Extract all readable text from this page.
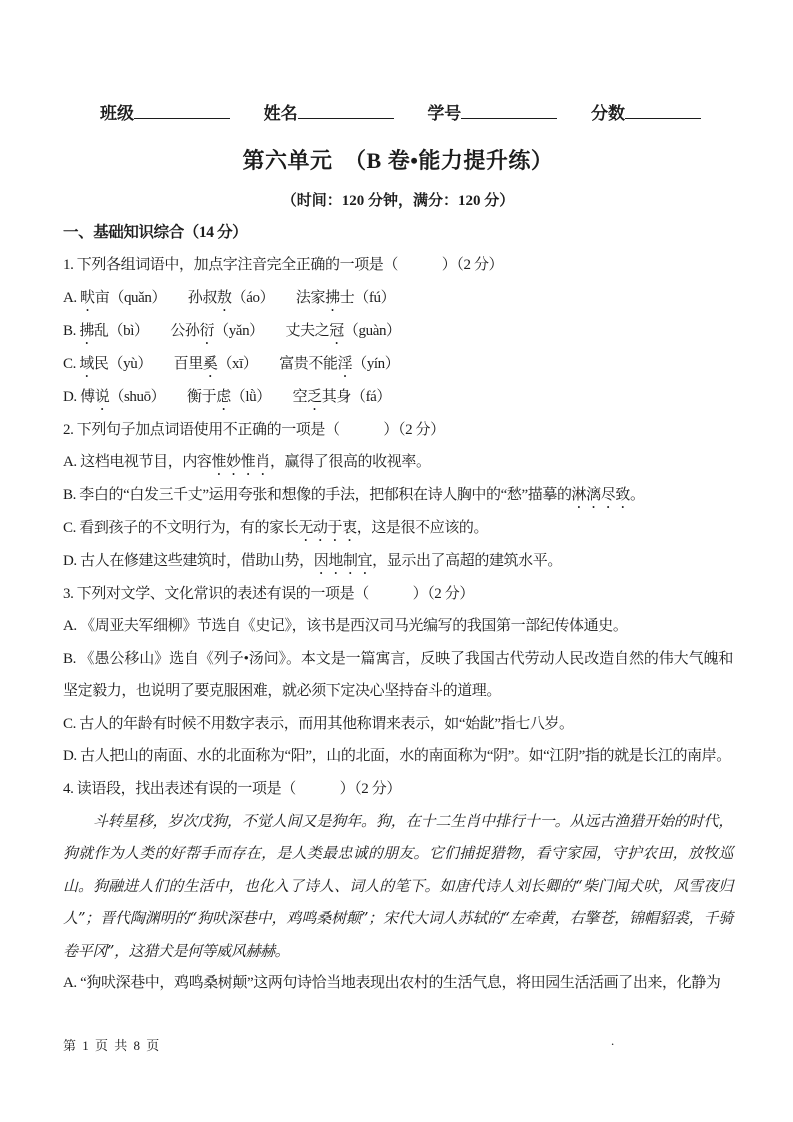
班级	姓名	学号	分数
第六单元　（B 卷•能力提升练）
（时间：120 分钟，满分：120 分）

一、基础知识综合（14 分）

1. 下列各组词语中，加点字注音完全正确的一项是（　　　）（2 分）

A. 畎亩（quǎn）　　孙叔敖（áo）　　法家拂士（fú）

B. 拂乱（bì）　　公孙衍（yǎn）　　丈夫之冠（guàn）

C. 域民（yù）　　百里奚（xī）　　富贵不能淫（yín）

D. 傅说（shuō）　　衡于虑（lǜ）　　空乏其身（fá）

2. 下列句子加点词语使用不正确的一项是（　　　）（2 分）

A. 这档电视节目，内容惟妙惟肖，赢得了很高的收视率。

B. 李白的“白发三千丈”运用夸张和想像的手法，把郁积在诗人胸中的“愁”描摹的淋漓尽致。

C. 看到孩子的不文明行为，有的家长无动于衷，这是很不应该的。

D. 古人在修建这些建筑时，借助山势，因地制宜，显示出了高超的建筑水平。

3. 下列对文学、文化常识的表述有误的一项是（　　　）（2 分）

A. 《周亚夫军细柳》节选自《史记》，该书是西汉司马光编写的我国第一部纪传体通史。

B. 《愚公移山》选自《列子•汤问》。本文是一篇寓言，反映了我国古代劳动人民改造自然的伟大气魄和坚定毅力，也说明了要克服困难，就必须下定决心坚持奋斗的道理。

C. 古人的年龄有时候不用数字表示，而用其他称谓来表示，如“始龀”指七八岁。

D. 古人把山的南面、水的北面称为“阳”，山的北面，水的南面称为“阴”。如“江阴”指的就是长江的南岸。

4. 读语段，找出表述有误的一项是（　　　）（2 分）

斗转星移，岁次戊狗，不觉人间又是狗年。狗，在十二生肖中排行十一。从远古渔猎开始的时代，狗就作为人类的好帮手而存在，是人类最忠诚的朋友。它们捕捉猎物，看守家园，守护农田，放牧巡山。狗融进人们的生活中，也化入了诗人、词人的笔下。如唐代诗人刘长卿的“柴门闻犬吠，风雪夜归人”；晋代陶渊明的“狗吠深巷中，鸡鸣桑树颠”；宋代大词人苏轼的“左牵黄，右擎苍，锦帽貂裘，千骑卷平冈”，这猎犬是何等威风赫赫。

A. “狗吠深巷中，鸡鸣桑树颠”这两句诗恰当地表现出农村的生活气息，将田园生活活画了出来，化静为

第 1 页 共 8 页	.
